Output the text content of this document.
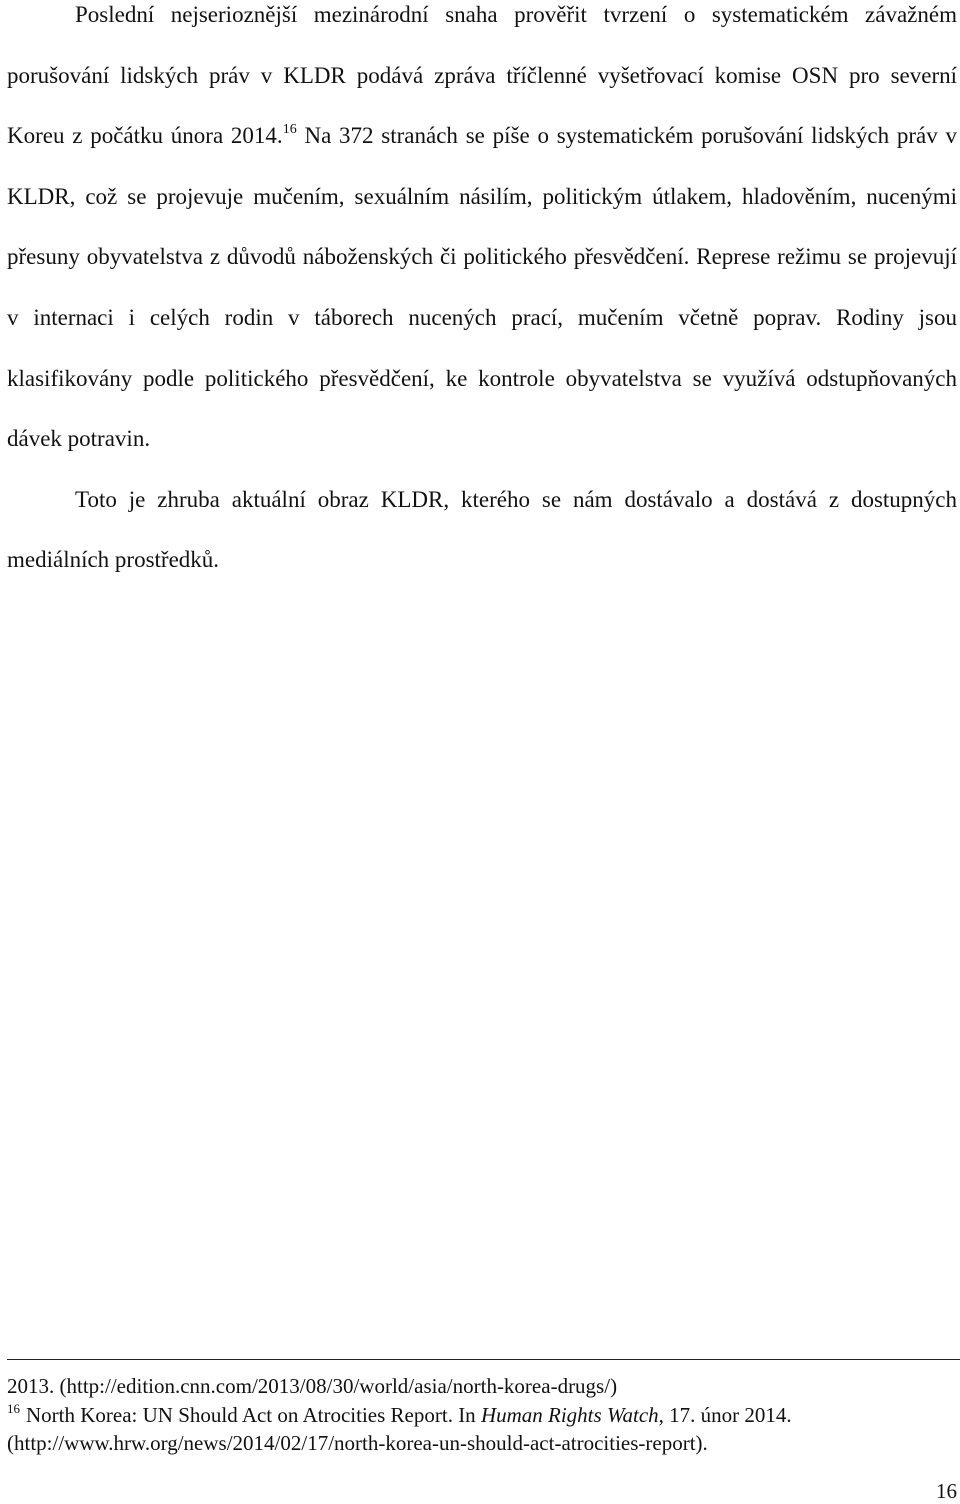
Poslední nejserioznější mezinárodní snaha prověřit tvrzení o systematickém závažném porušování lidských práv v KLDR podává zpráva tříčlenné vyšetřovací komise OSN pro severní Koreu z počátku února 2014.16 Na 372 stranách se píše o systematickém porušování lidských práv v KLDR, což se projevuje mučením, sexuálním násilím, politickým útlakem, hladověním, nucenými přesuny obyvatelstva z důvodů náboženských či politického přesvědčení. Represe režimu se projevují v internaci i celých rodin v táborech nucených prací, mučením včetně poprav. Rodiny jsou klasifikovány podle politického přesvědčení, ke kontrole obyvatelstva se využívá odstupňovaných dávek potravin.

Toto je zhruba aktuální obraz KLDR, kterého se nám dostávalo a dostává z dostupných mediálních prostředků.

2013. (http://edition.cnn.com/2013/08/30/world/asia/north-korea-drugs/)

$^{16}$ North Korea: UN Should Act on Atrocities Report. In Human Rights Watch, 17. únor 2014.

(http://www.hrw.org/news/2014/02/17/north-korea-un-should-act-atrocities-report).

16
